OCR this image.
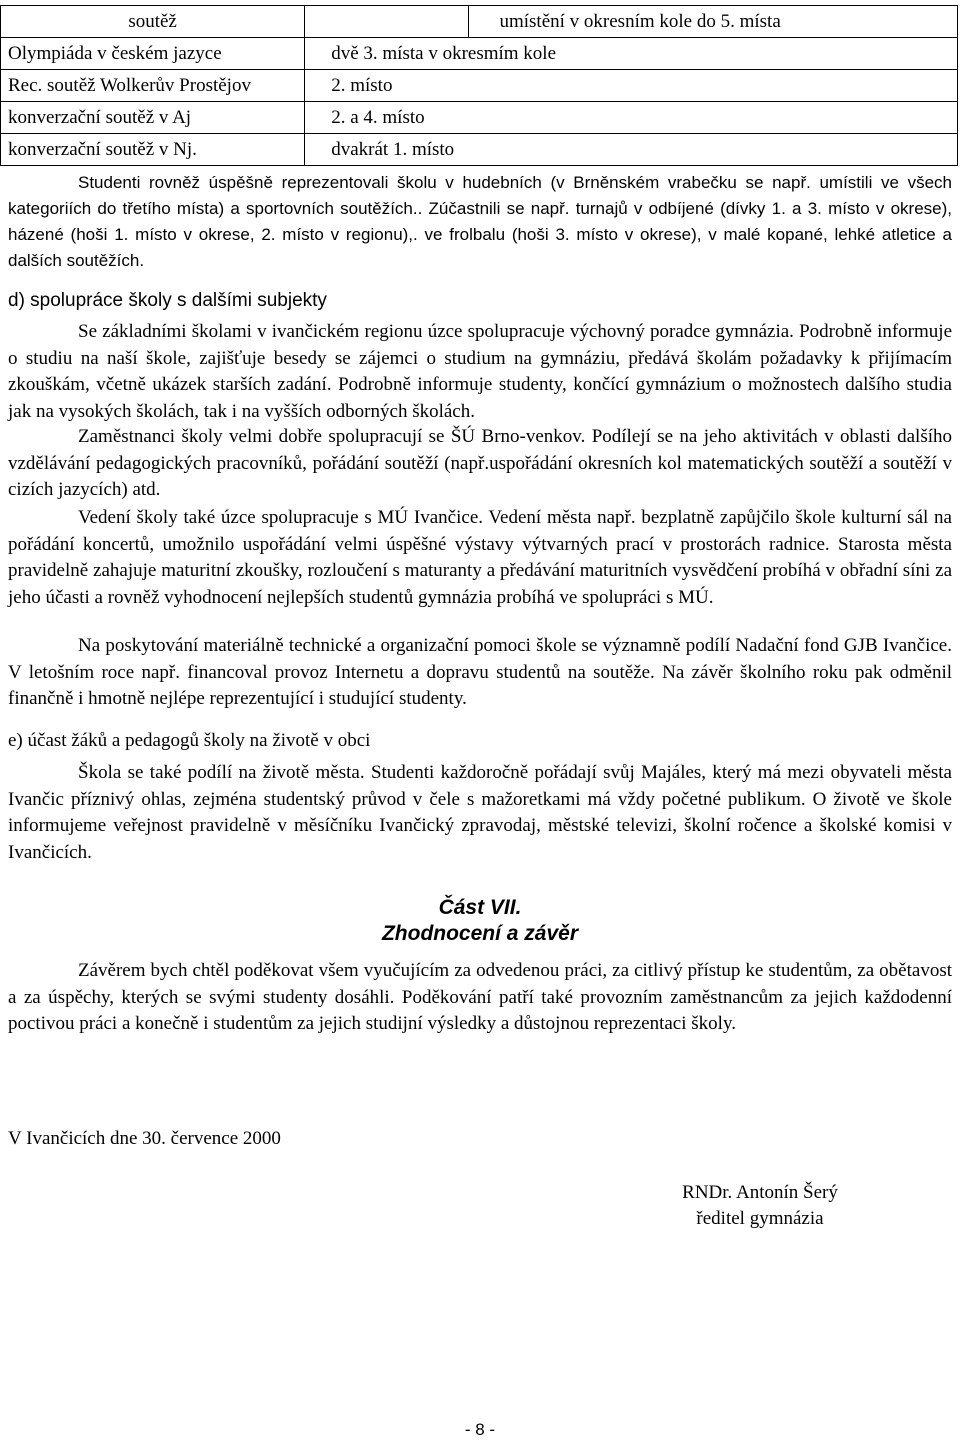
soutěž		umístění v okresním kole do 5. místa
Olympiáda v českém jazyce	dvě 3. místa v okresmím kole	
Rec. soutěž Wolkerův Prostějov	2. místo	
konverzační soutěž v Aj	2. a 4. místo	
konverzační soutěž v Nj.	dvakrát 1. místo	

Studenti rovněž úspěšně reprezentovali školu v hudebních (v Brněnském vrabečku se např. umístili ve všech kategoriích do třetího místa) a sportovních soutěžích.. Zúčastnili se např. turnajů v odbíjené (dívky 1. a 3. místo v okrese), házené (hoši 1. místo v okrese, 2. místo v regionu),. ve frolbalu (hoši 3. místo v okrese), v malé kopané, lehké atletice a dalších soutěžích.

d) spolupráce školy s dalšími subjekty

Se základními školami v ivančickém regionu úzce spolupracuje výchovný poradce gymnázia. Podrobně informuje o studiu na naší škole, zajišťuje besedy se zájemci o studium na gymnáziu, předává školám požadavky k přijímacím zkouškám, včetně ukázek starších zadání. Podrobně informuje studenty, končící gymnázium o možnostech dalšího studia jak na vysokých školách, tak i na vyšších odborných školách.

Zaměstnanci školy velmi dobře spolupracují se ŠÚ Brno-venkov. Podílejí se na jeho aktivitách v oblasti dalšího vzdělávání pedagogických pracovníků, pořádání soutěží (např.uspořádání okresních kol matematických soutěží a soutěží v cizích jazycích) atd.

Vedení školy také úzce spolupracuje s MÚ Ivančice. Vedení města např. bezplatně zapůjčilo škole kulturní sál na pořádání koncertů, umožnilo uspořádání velmi úspěšné výstavy výtvarných prací v prostorách radnice. Starosta města pravidelně zahajuje maturitní zkoušky, rozloučení s maturanty a předávání maturitních vysvědčení probíhá v obřadní síni za jeho účasti a rovněž vyhodnocení nejlepších studentů gymnázia probíhá ve spolupráci s MÚ.

Na poskytování materiálně technické a organizační pomoci škole se významně podílí Nadační fond GJB Ivančice. V letošním roce např. financoval provoz Internetu a dopravu studentů na soutěže. Na závěr školního roku pak odměnil finančně i hmotně nejlépe reprezentující i studující studenty.

e) účast žáků a pedagogů školy na životě v obci

Škola se také podílí na životě města. Studenti každoročně pořádají svůj Majáles, který má mezi obyvateli města Ivančic příznivý ohlas, zejména studentský průvod v čele s mažoretkami má vždy početné publikum. O životě ve škole informujeme veřejnost pravidelně v měsíčníku Ivančický zpravodaj, městské televizi, školní ročence a školské komisi v Ivančicích.

Část VII.
Zhodnocení a závěr

Závěrem bych chtěl poděkovat všem vyučujícím za odvedenou práci, za citlivý přístup ke studentům, za obětavost a za úspěchy, kterých se svými studenty dosáhli. Poděkování patří také provozním zaměstnancům za jejich každodenní poctivou práci a konečně i studentům za jejich studijní výsledky a důstojnou reprezentaci školy.

V Ivančicích dne 30. července 2000
RNDr. Antonín Šerý
ředitel gymnázia
- 8 -
